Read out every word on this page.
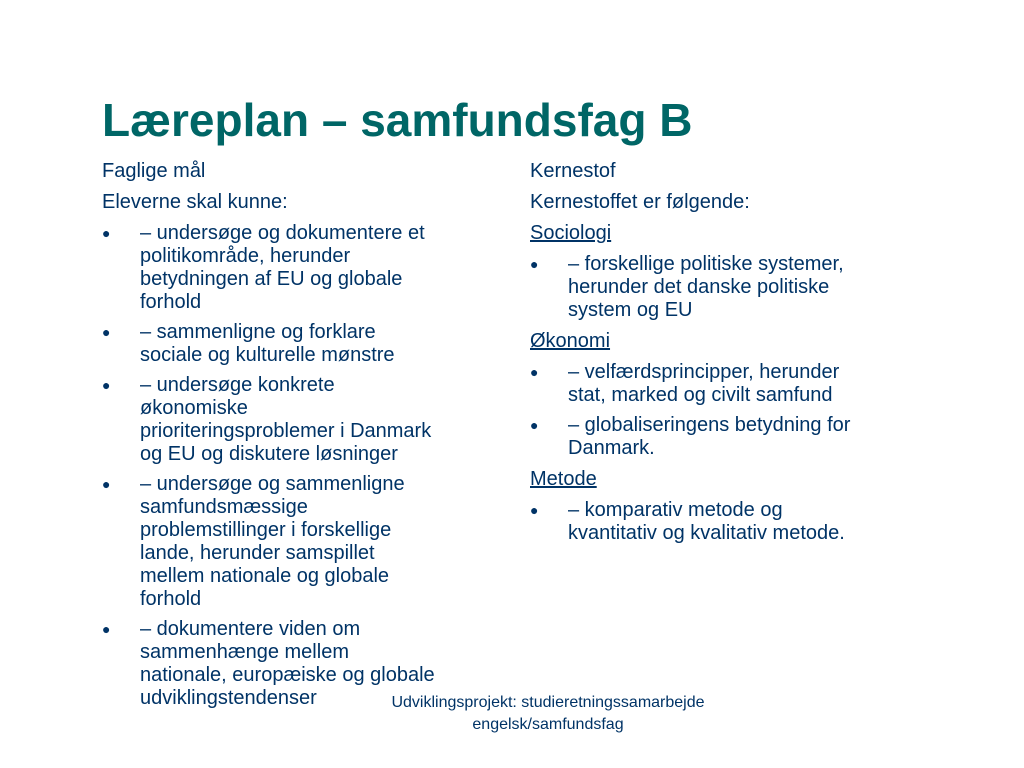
Læreplan – samfundsfag B
Faglige mål
Eleverne skal kunne:
● – undersøge og dokumentere et
politikområde, herunder
betydningen af EU og globale
forhold
● – sammenligne og forklare
sociale og kulturelle mønstre
● – undersøge konkrete
økonomiske
prioriteringsproblemer i Danmark
og EU og diskutere løsninger
● – undersøge og sammenligne
samfundsmæssige
problemstillinger i forskellige
lande, herunder samspillet
mellem nationale og globale
forhold
● – dokumentere viden om
sammenhænge mellem
nationale, europæiske og globale
udviklingstendenser
Kernestof
Kernestoffet er følgende:
Sociologi
● – forskellige politiske systemer,
herunder det danske politiske
system og EU
Økonomi
● – velfærdsprincipper, herunder
stat, marked og civilt samfund
● – globaliseringens betydning for
Danmark.
Metode
● – komparativ metode og
kvantitativ og kvalitativ metode.
Udviklingsprojekt: studieretningssamarbejde
engelsk/samfundsfag
